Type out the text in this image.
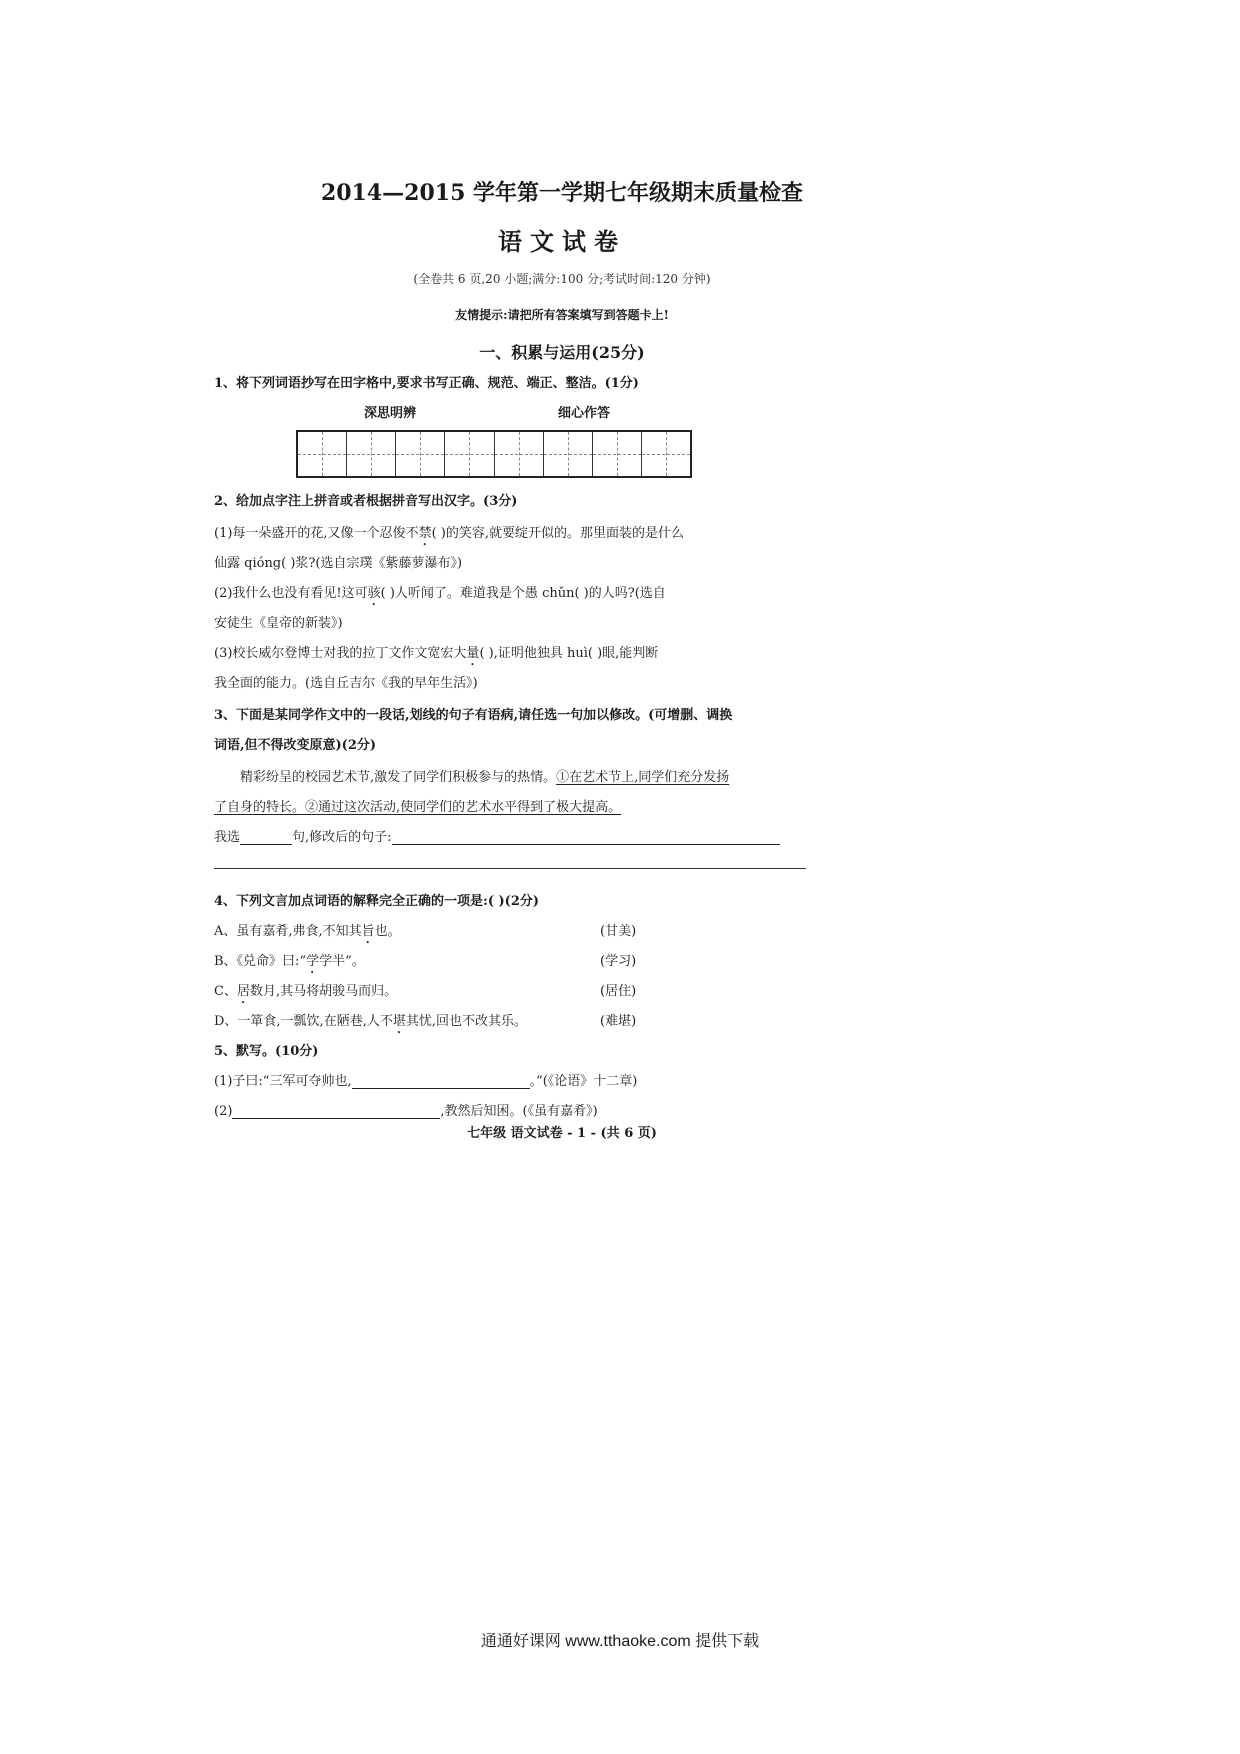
2014—2015 学年第一学期七年级期末质量检查
语文试卷
(全卷共 6 页,20 小题;满分:100 分;考试时间:120 分钟)
友情提示:请把所有答案填写到答题卡上!
一、积累与运用(25分)
1、将下列词语抄写在田字格中,要求书写正确、规范、端正、整洁。(1分)
深思明辨	细心作答
2、给加点字注上拼音或者根据拼音写出汉字。(3分)
(1)每一朵盛开的花,又像一个忍俊不禁( )的笑容,就要绽开似的。那里面装的是什么
仙露 qióng( )浆?(选自宗璞《紫藤萝瀑布》)
(2)我什么也没有看见!这可骇( )人听闻了。难道我是个愚 chǔn( )的人吗?(选自
安徒生《皇帝的新装》)
(3)校长威尔登博士对我的拉丁文作文宽宏大量( ),证明他独具 huì( )眼,能判断
我全面的能力。(选自丘吉尔《我的早年生活》)
3、下面是某同学作文中的一段话,划线的句子有语病,请任选一句加以修改。(可增删、调换
词语,但不得改变原意)(2分)
精彩纷呈的校园艺术节,激发了同学们积极参与的热情。①在艺术节上,同学们充分发扬
了自身的特长。②通过这次活动,使同学们的艺术水平得到了极大提高。
我选	句,修改后的句子:
4、下列文言加点词语的解释完全正确的一项是:( )(2分)
A、虽有嘉肴,弗食,不知其旨也。	(甘美)
B、《兑命》曰:“学学半”。	(学习)
C、居数月,其马将胡骏马而归。	(居住)
D、一箪食,一瓢饮,在陋巷,人不堪其忧,回也不改其乐。	(难堪)
5、默写。(10分)
(1)子曰:“三军可夺帅也,	。”(《论语》十二章)
(2)	,教然后知困。(《虽有嘉肴》)
七年级 语文试卷 - 1 - (共 6 页)
通通好课网 www.tthaoke.com 提供下载
